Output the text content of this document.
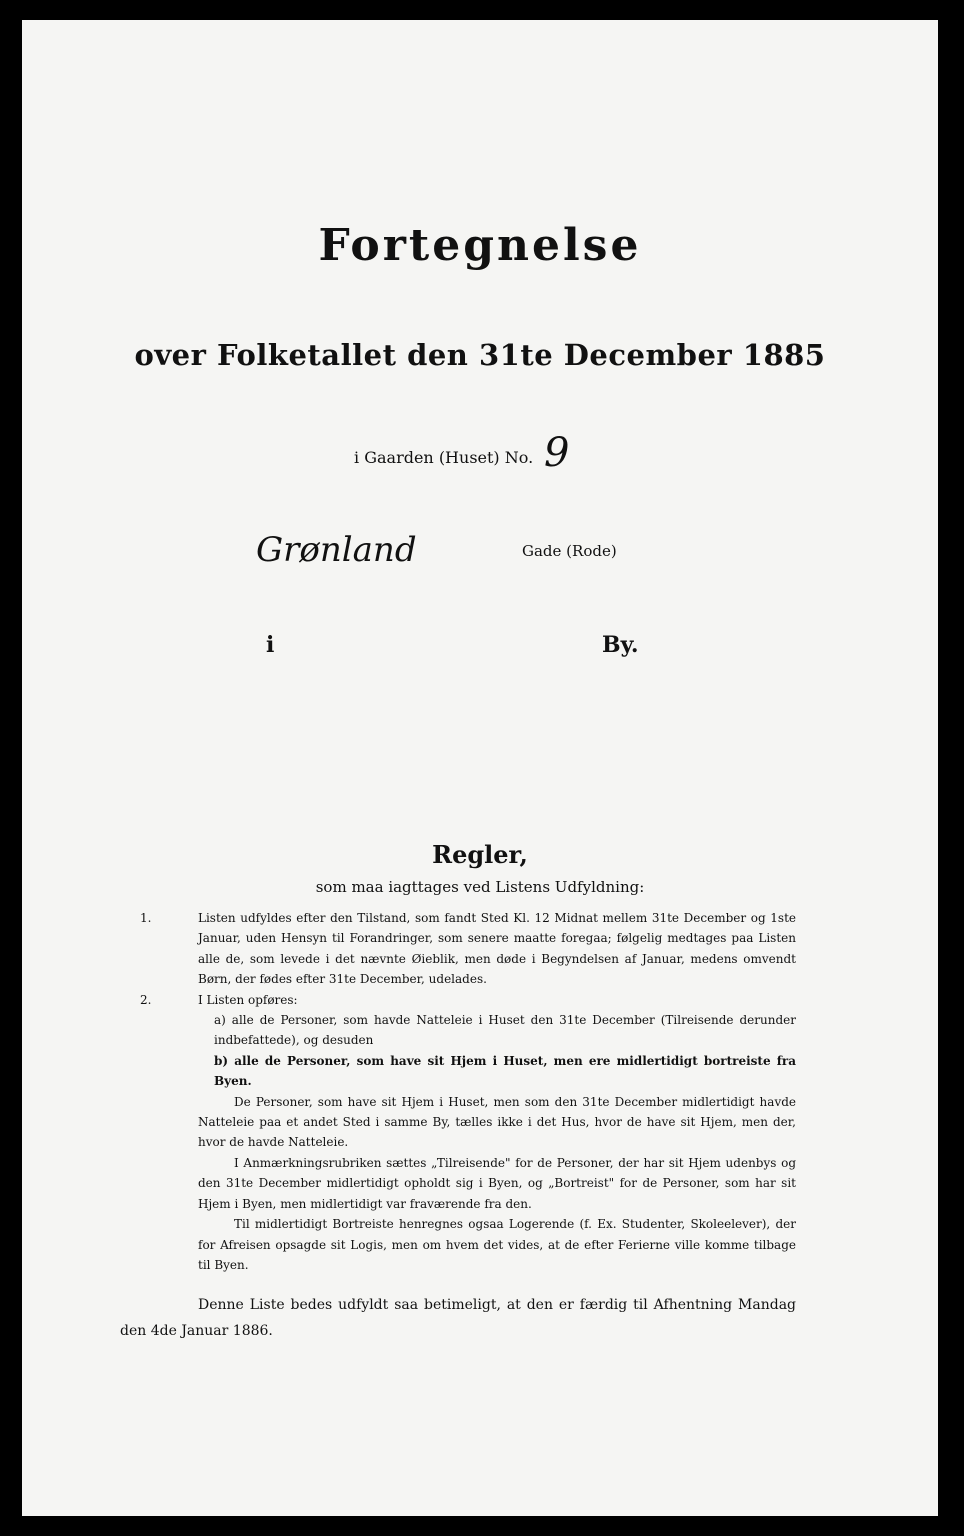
Fortegnelse
over Folketallet den 31te December 1885
i Gaarden (Huset) No. 9
Grønland	Gade (Rode)
i	By.
Regler,
som maa iagttages ved Listens Udfyldning:
1.	Listen udfyldes efter den Tilstand, som fandt Sted Kl. 12 Midnat mellem 31te December og 1ste Januar, uden Hensyn til Forandringer, som senere maatte foregaa; følgelig medtages paa Listen alle de, som levede i det nævnte Øieblik, men døde i Begyndelsen af Januar, medens omvendt Børn, der fødes efter 31te December, udelades.
2.	I Listen opføres:
a) alle de Personer, som havde Natteleie i Huset den 31te December (Tilreisende derunder indbefattede), og desuden
b) alle de Personer, som have sit Hjem i Huset, men ere midlertidigt bortreiste fra Byen.
De Personer, som have sit Hjem i Huset, men som den 31te December midlertidigt havde Natteleie paa et andet Sted i samme By, tælles ikke i det Hus, hvor de have sit Hjem, men der, hvor de havde Natteleie.
I Anmærkningsrubriken sættes „Tilreisende" for de Personer, der har sit Hjem udenbys og den 31te December midlertidigt opholdt sig i Byen, og „Bortreist" for de Personer, som har sit Hjem i Byen, men midlertidigt var fraværende fra den.
Til midlertidigt Bortreiste henregnes ogsaa Logerende (f. Ex. Studenter, Skoleelever), der for Afreisen opsagde sit Logis, men om hvem det vides, at de efter Ferierne ville komme tilbage til Byen.

Denne Liste bedes udfyldt saa betimeligt, at den er færdig til Afhentning Mandag den 4de Januar 1886.
